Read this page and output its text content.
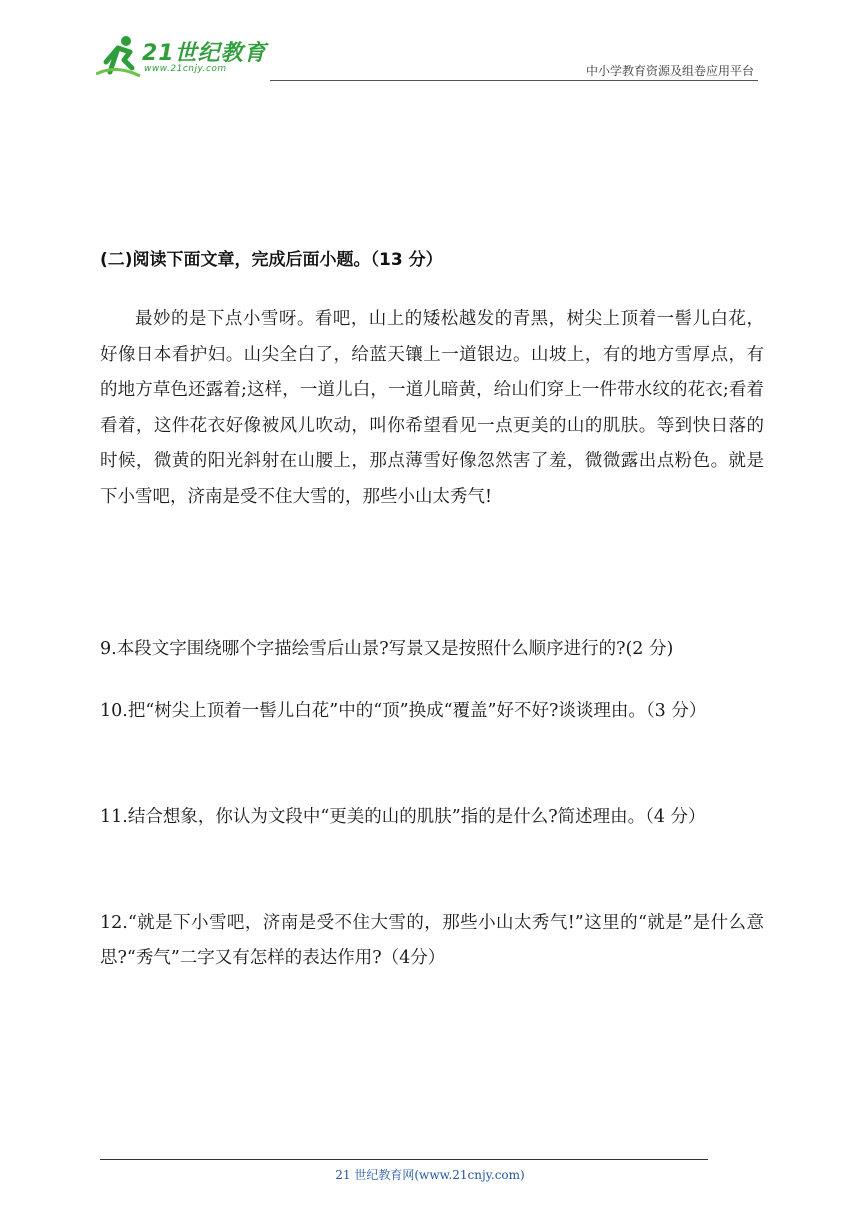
21世纪教育
www.21cnjy.com	中小学教育资源及组卷应用平台
(二)阅读下面文章，完成后面小题。（13 分）

最妙的是下点小雪呀。看吧，山上的矮松越发的青黑，树尖上顶着一髻儿白花，好像日本看护妇。山尖全白了，给蓝天镶上一道银边。山坡上，有的地方雪厚点，有的地方草色还露着;这样，一道儿白，一道儿暗黄，给山们穿上一件带水纹的花衣;看着看着，这件花衣好像被风儿吹动，叫你希望看见一点更美的山的肌肤。等到快日落的时候，微黄的阳光斜射在山腰上，那点薄雪好像忽然害了羞，微微露出点粉色。就是下小雪吧，济南是受不住大雪的，那些小山太秀气!

9.本段文字围绕哪个字描绘雪后山景?写景又是按照什么顺序进行的?(2 分)

10.把“树尖上顶着一髻儿白花”中的“顶”换成“覆盖”好不好?谈谈理由。（3 分）

11.结合想象，你认为文段中“更美的山的肌肤”指的是什么?简述理由。（4 分）

12.“就是下小雪吧，济南是受不住大雪的，那些小山太秀气!”这里的“就是”是什么意思?“秀气”二字又有怎样的表达作用?（4分）

21 世纪教育网(www.21cnjy.com)
